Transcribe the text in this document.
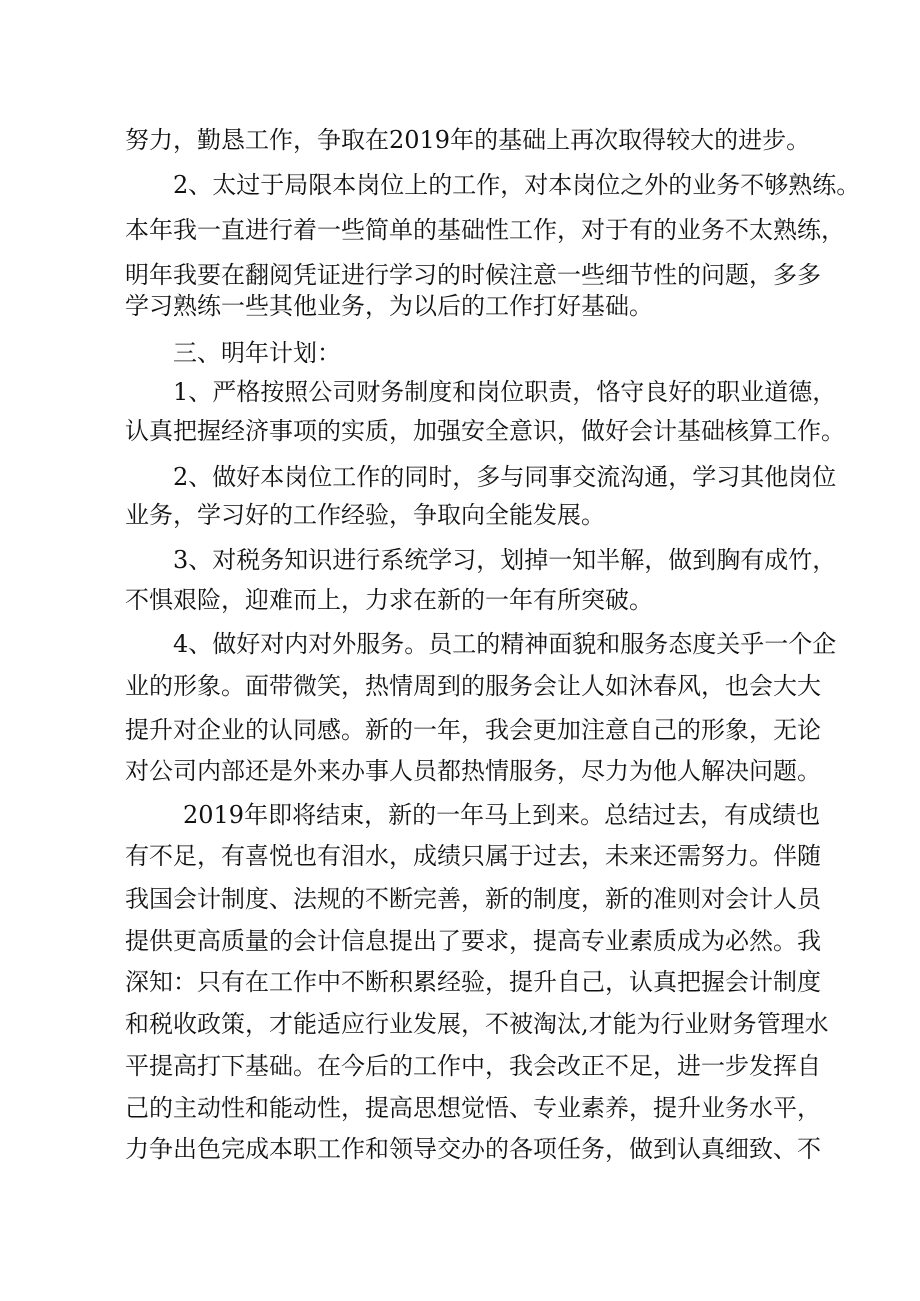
努力，勤恳工作，争取在2019年的基础上再次取得较大的进步。
2、太过于局限本岗位上的工作，对本岗位之外的业务不够熟练。
本年我一直进行着一些简单的基础性工作，对于有的业务不太熟练，
明年我要在翻阅凭证进行学习的时候注意一些细节性的问题，多多
学习熟练一些其他业务，为以后的工作打好基础。
三、明年计划：
1、严格按照公司财务制度和岗位职责，恪守良好的职业道德，
认真把握经济事项的实质，加强安全意识，做好会计基础核算工作。
2、做好本岗位工作的同时，多与同事交流沟通，学习其他岗位
业务，学习好的工作经验，争取向全能发展。
3、对税务知识进行系统学习，划掉一知半解，做到胸有成竹，
不惧艰险，迎难而上，力求在新的一年有所突破。
4、做好对内对外服务。员工的精神面貌和服务态度关乎一个企
业的形象。面带微笑，热情周到的服务会让人如沐春风，也会大大
提升对企业的认同感。新的一年，我会更加注意自己的形象，无论
对公司内部还是外来办事人员都热情服务，尽力为他人解决问题。
2019年即将结束，新的一年马上到来。总结过去，有成绩也
有不足，有喜悦也有泪水，成绩只属于过去，未来还需努力。伴随
我国会计制度、法规的不断完善，新的制度，新的准则对会计人员
提供更高质量的会计信息提出了要求，提高专业素质成为必然。我
深知：只有在工作中不断积累经验，提升自己，认真把握会计制度
和税收政策，才能适应行业发展，不被淘汰,才能为行业财务管理水
平提高打下基础。在今后的工作中，我会改正不足，进一步发挥自
己的主动性和能动性，提高思想觉悟、专业素养，提升业务水平，
力争出色完成本职工作和领导交办的各项任务，做到认真细致、不
